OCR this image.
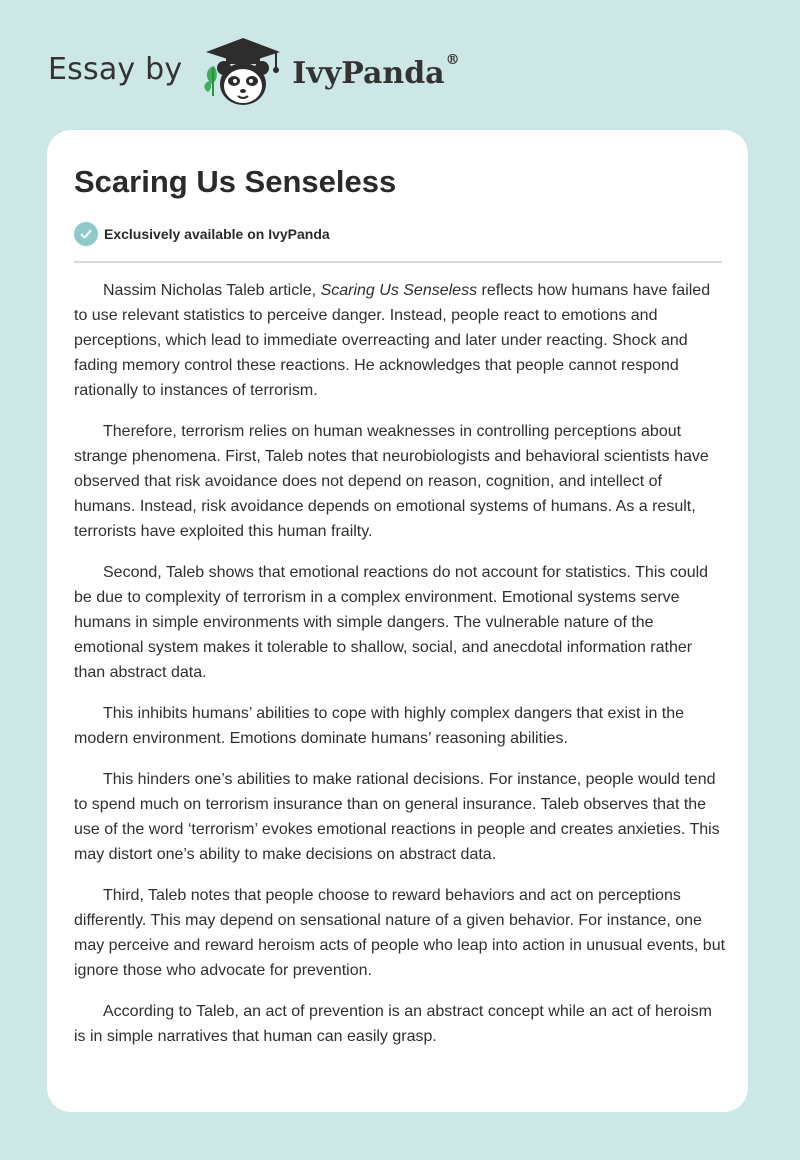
Essay by	IvyPanda®
Scaring Us Senseless
Exclusively available on IvyPanda

Nassim Nicholas Taleb article, Scaring Us Senseless reflects how humans have failed to use relevant statistics to perceive danger. Instead, people react to emotions and perceptions, which lead to immediate overreacting and later under reacting. Shock and fading memory control these reactions. He acknowledges that people cannot respond rationally to instances of terrorism.

Therefore, terrorism relies on human weaknesses in controlling perceptions about strange phenomena. First, Taleb notes that neurobiologists and behavioral scientists have observed that risk avoidance does not depend on reason, cognition, and intellect of humans. Instead, risk avoidance depends on emotional systems of humans. As a result, terrorists have exploited this human frailty.

Second, Taleb shows that emotional reactions do not account for statistics. This could be due to complexity of terrorism in a complex environment. Emotional systems serve humans in simple environments with simple dangers. The vulnerable nature of the emotional system makes it tolerable to shallow, social, and anecdotal information rather than abstract data.

This inhibits humans’ abilities to cope with highly complex dangers that exist in the modern environment. Emotions dominate humans’ reasoning abilities.

This hinders one’s abilities to make rational decisions. For instance, people would tend to spend much on terrorism insurance than on general insurance. Taleb observes that the use of the word ‘terrorism’ evokes emotional reactions in people and creates anxieties. This may distort one’s ability to make decisions on abstract data.

Third, Taleb notes that people choose to reward behaviors and act on perceptions differently. This may depend on sensational nature of a given behavior. For instance, one may perceive and reward heroism acts of people who leap into action in unusual events, but ignore those who advocate for prevention.

According to Taleb, an act of prevention is an abstract concept while an act of heroism is in simple narratives that human can easily grasp.
